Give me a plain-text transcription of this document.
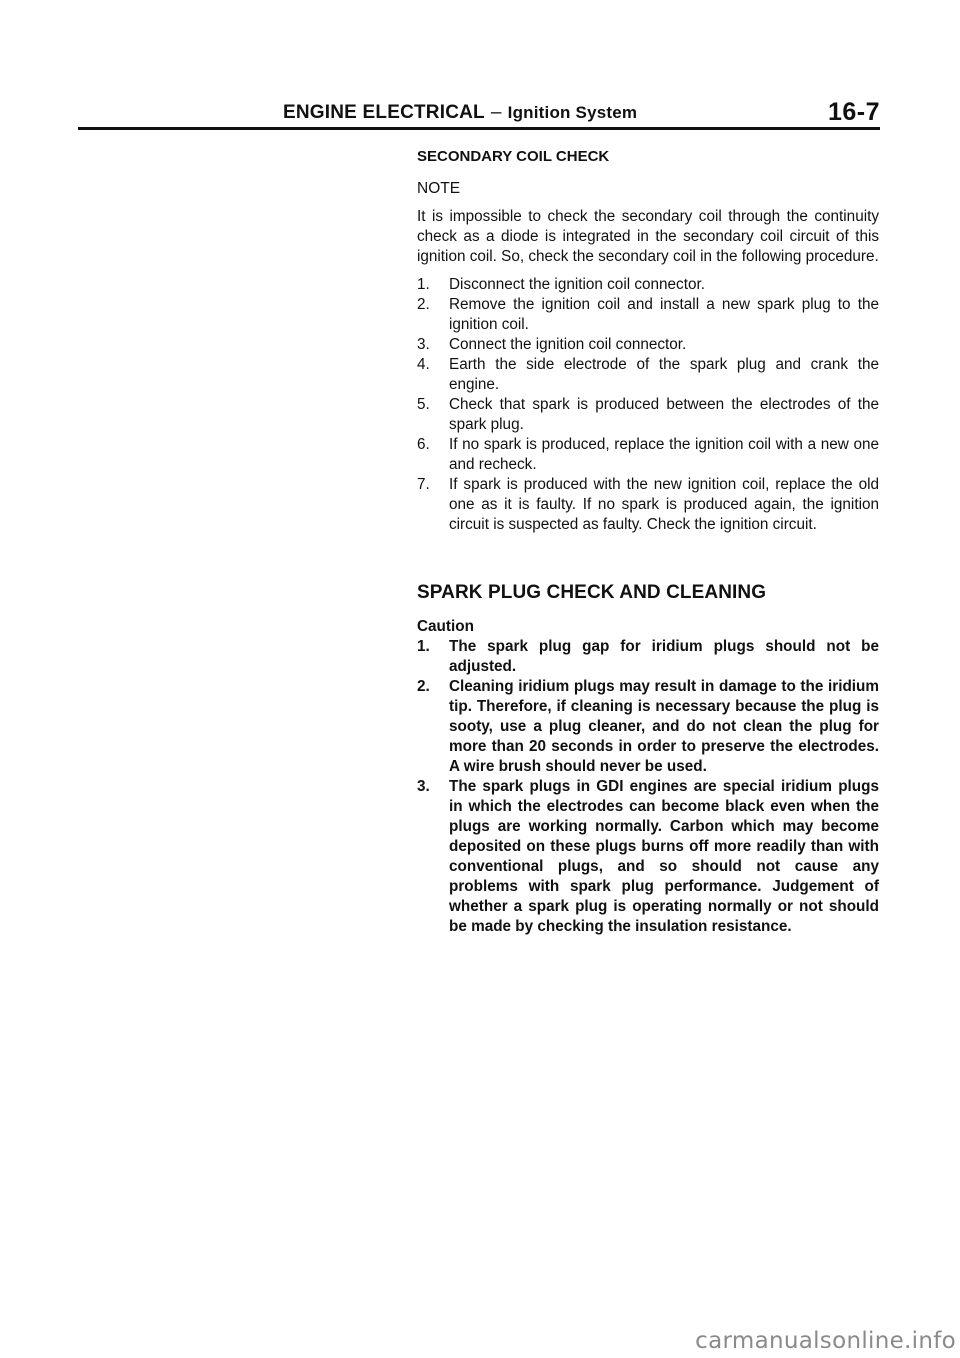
ENGINE ELECTRICAL – Ignition System	16-7
SECONDARY COIL CHECK
NOTE

It is impossible to check the secondary coil through the continuity check as a diode is integrated in the secondary coil circuit of this ignition coil. So, check the secondary coil in the following procedure.

1.	Disconnect the ignition coil connector.
2.	Remove the ignition coil and install a new spark plug to the ignition coil.
3.	Connect the ignition coil connector.
4.	Earth the side electrode of the spark plug and crank the engine.
5.	Check that spark is produced between the electrodes of the spark plug.
6.	If no spark is produced, replace the ignition coil with a new one and recheck.
7.	If spark is produced with the new ignition coil, replace the old one as it is faulty. If no spark is produced again, the ignition circuit is suspected as faulty. Check the ignition circuit.
SPARK PLUG CHECK AND CLEANING
Caution
1.	The spark plug gap for iridium plugs should not be adjusted.
2.	Cleaning iridium plugs may result in damage to the iridium tip. Therefore, if cleaning is necessary because the plug is sooty, use a plug cleaner, and do not clean the plug for more than 20 seconds in order to preserve the electrodes. A wire brush should never be used.
3.	The spark plugs in GDI engines are special iridium plugs in which the electrodes can become black even when the plugs are working normally. Carbon which may become deposited on these plugs burns off more readily than with conventional plugs, and so should not cause any problems with spark plug performance. Judgement of whether a spark plug is operating normally or not should be made by checking the insulation resistance.
carmanualsonline.info
